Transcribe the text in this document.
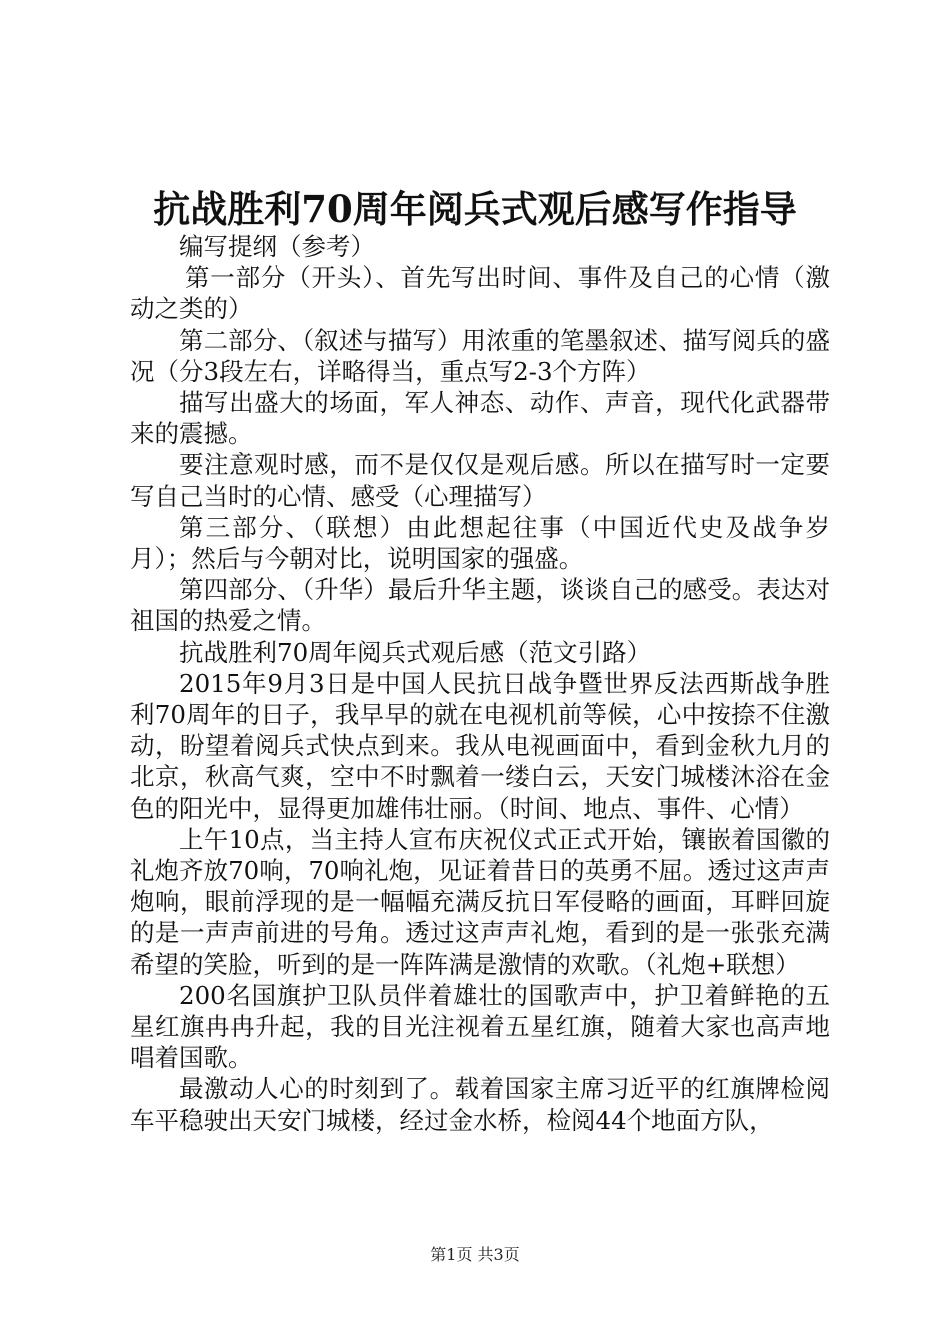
抗战胜利70周年阅兵式观后感写作指导

编写提纲（参考）

第一部分（开头）、首先写出时间、事件及自己的心情（激动之类的）

第二部分、（叙述与描写）用浓重的笔墨叙述、描写阅兵的盛况（分3段左右，详略得当，重点写2-3个方阵）

描写出盛大的场面，军人神态、动作、声音，现代化武器带来的震撼。

要注意观时感，而不是仅仅是观后感。所以在描写时一定要写自己当时的心情、感受（心理描写）

第三部分、（联想）由此想起往事（中国近代史及战争岁月）；然后与今朝对比，说明国家的强盛。

第四部分、（升华）最后升华主题，谈谈自己的感受。表达对祖国的热爱之情。

抗战胜利70周年阅兵式观后感（范文引路）

2015年9月3日是中国人民抗日战争暨世界反法西斯战争胜利70周年的日子，我早早的就在电视机前等候，心中按捺不住激动，盼望着阅兵式快点到来。我从电视画面中，看到金秋九月的北京，秋高气爽，空中不时飘着一缕白云，天安门城楼沐浴在金色的阳光中，显得更加雄伟壮丽。（时间、地点、事件、心情）

上午10点，当主持人宣布庆祝仪式正式开始，镶嵌着国徽的礼炮齐放70响，70响礼炮，见证着昔日的英勇不屈。透过这声声炮响，眼前浮现的是一幅幅充满反抗日军侵略的画面，耳畔回旋的是一声声前进的号角。透过这声声礼炮，看到的是一张张充满希望的笑脸，听到的是一阵阵满是激情的欢歌。（礼炮+联想）

200名国旗护卫队员伴着雄壮的国歌声中，护卫着鲜艳的五星红旗冉冉升起，我的目光注视着五星红旗，随着大家也高声地唱着国歌。

最激动人心的时刻到了。载着国家主席习近平的红旗牌检阅车平稳驶出天安门城楼，经过金水桥，检阅44个地面方队，

第1页 共3页
